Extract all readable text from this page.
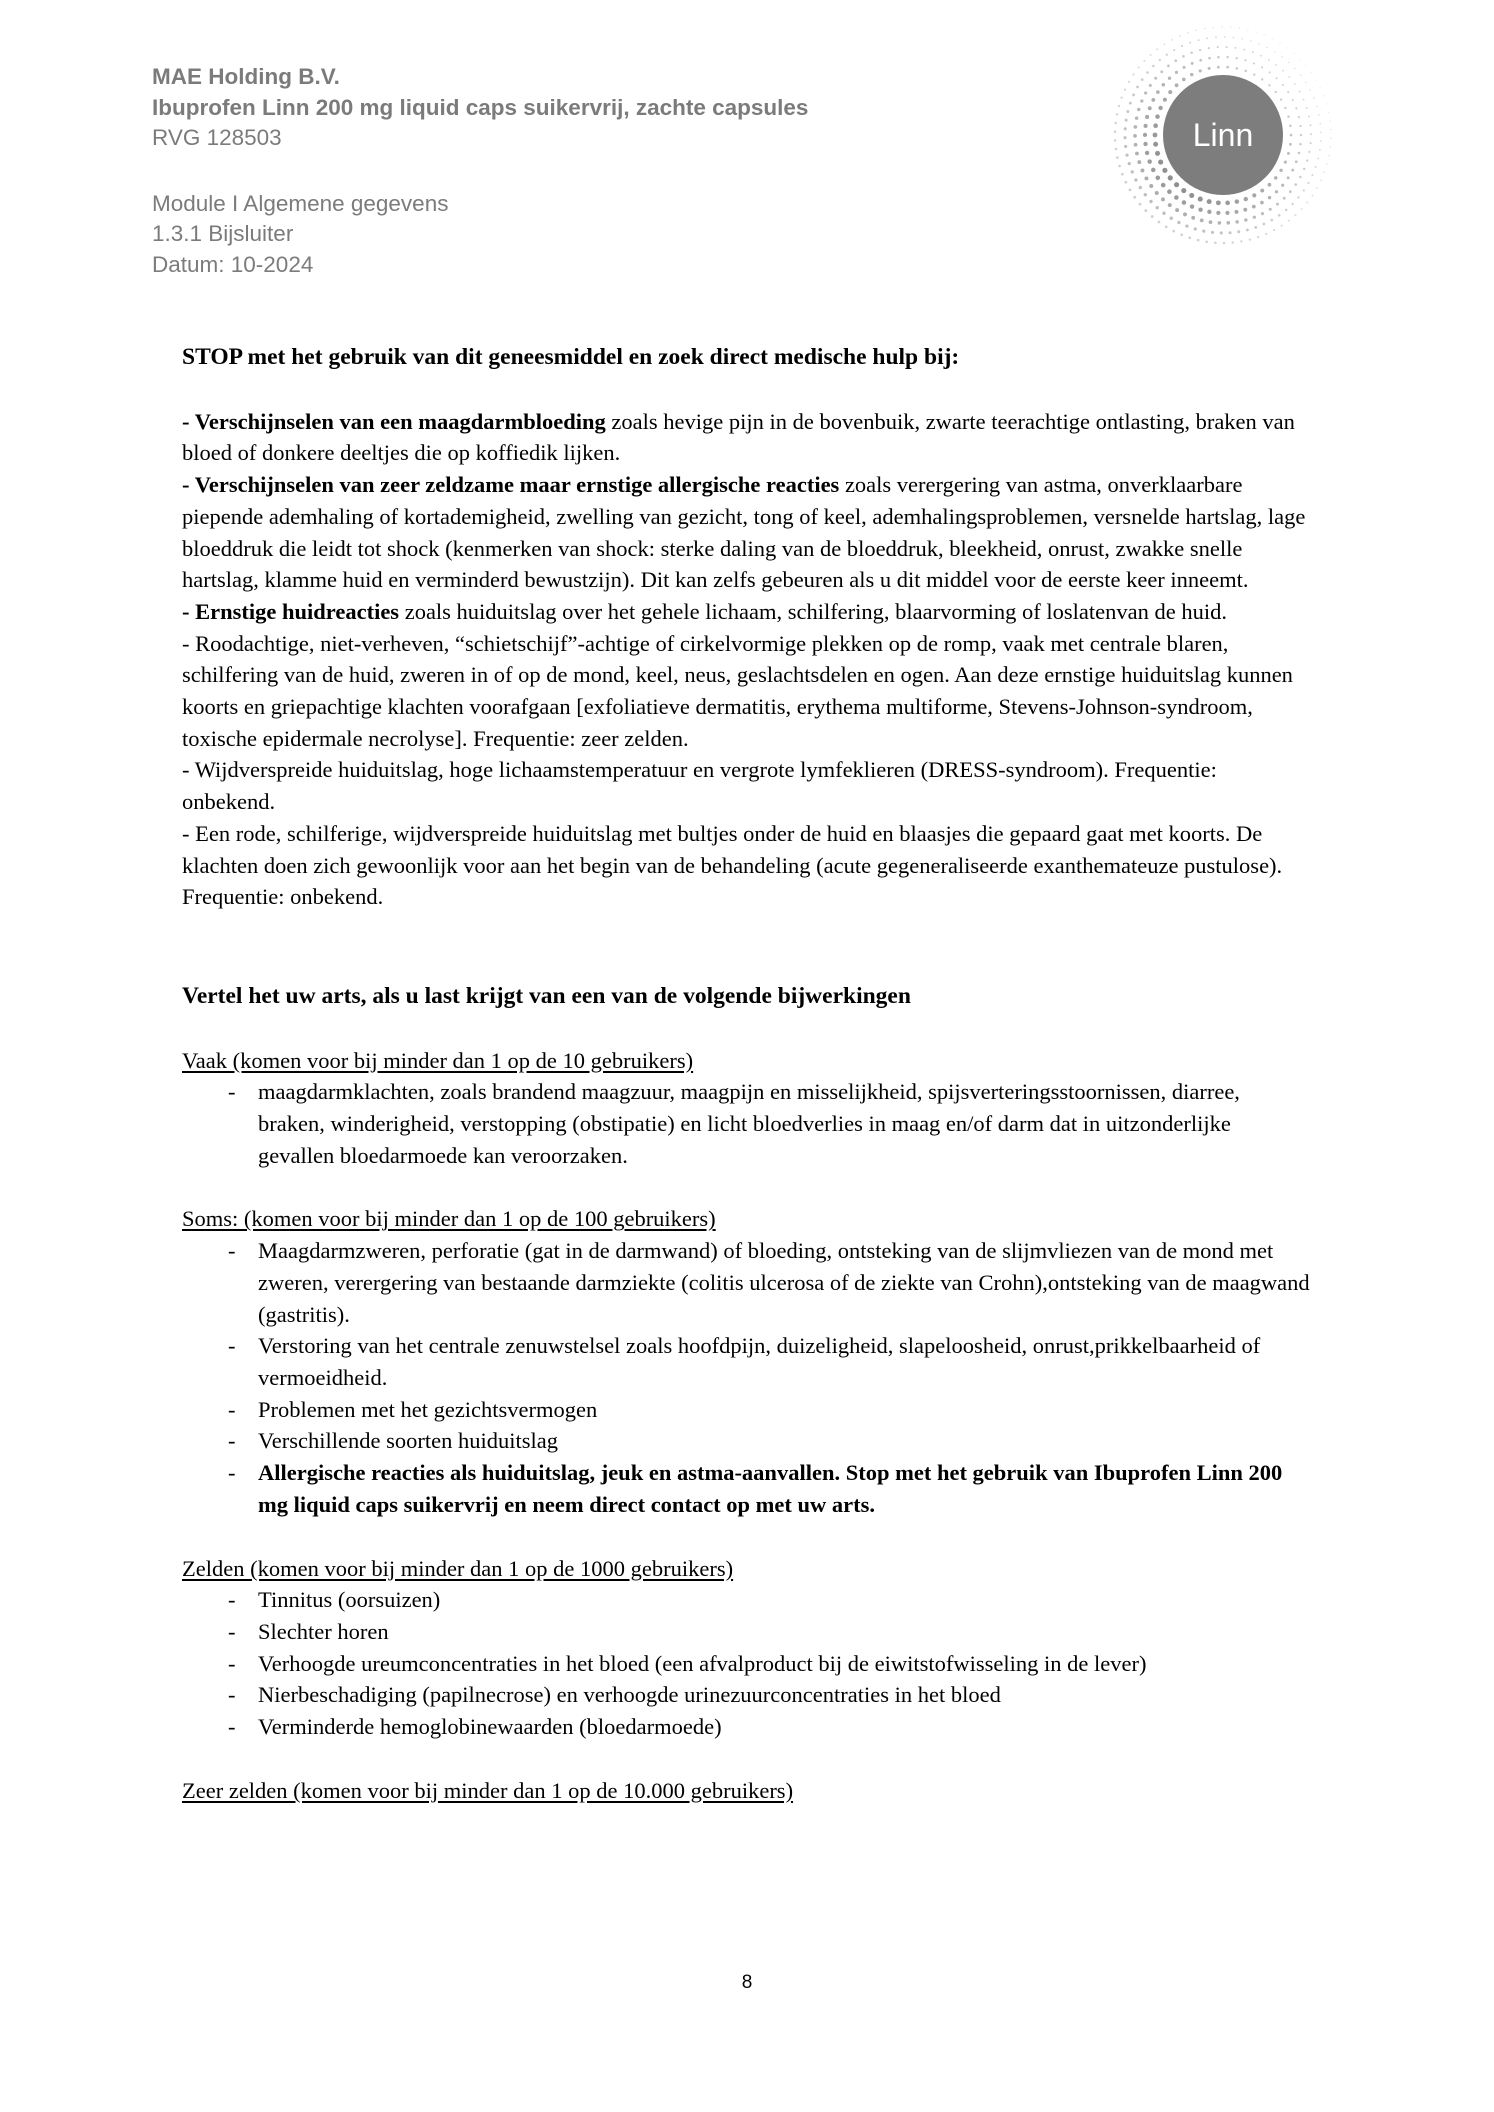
MAE Holding B.V.
Ibuprofen Linn 200 mg liquid caps suikervrij, zachte capsules
RVG 128503
Module I Algemene gegevens
1.3.1 Bijsluiter
Datum: 10-2024
Linn

STOP met het gebruik van dit geneesmiddel en zoek direct medische hulp bij:

- Verschijnselen van een maagdarmbloeding zoals hevige pijn in de bovenbuik, zwarte teerachtige ontlasting, braken van bloed of donkere deeltjes die op koffiedik lijken.

- Verschijnselen van zeer zeldzame maar ernstige allergische reacties zoals verergering van astma, onverklaarbare piepende ademhaling of kortademigheid, zwelling van gezicht, tong of keel, ademhalingsproblemen, versnelde hartslag, lage bloeddruk die leidt tot shock (kenmerken van shock: sterke daling van de bloeddruk, bleekheid, onrust, zwakke snelle hartslag, klamme huid en verminderd bewustzijn). Dit kan zelfs gebeuren als u dit middel voor de eerste keer inneemt.

- Ernstige huidreacties zoals huiduitslag over het gehele lichaam, schilfering, blaarvorming of loslatenvan de huid.

- Roodachtige, niet-verheven, “schietschijf”-achtige of cirkelvormige plekken op de romp, vaak met centrale blaren, schilfering van de huid, zweren in of op de mond, keel, neus, geslachtsdelen en ogen. Aan deze ernstige huiduitslag kunnen koorts en griepachtige klachten voorafgaan [exfoliatieve dermatitis, erythema multiforme, Stevens-Johnson-syndroom, toxische epidermale necrolyse]. Frequentie: zeer zelden.

- Wijdverspreide huiduitslag, hoge lichaamstemperatuur en vergrote lymfeklieren (DRESS-syndroom). Frequentie: onbekend.

- Een rode, schilferige, wijdverspreide huiduitslag met bultjes onder de huid en blaasjes die gepaard gaat met koorts. De klachten doen zich gewoonlijk voor aan het begin van de behandeling (acute gegeneraliseerde exanthemateuze pustulose). Frequentie: onbekend.

Vertel het uw arts, als u last krijgt van een van de volgende bijwerkingen

Vaak (komen voor bij minder dan 1 op de 10 gebruikers)

-	maagdarmklachten, zoals brandend maagzuur, maagpijn en misselijkheid, spijsverteringsstoornissen, diarree, braken, winderigheid, verstopping (obstipatie) en licht bloedverlies in maag en/of darm dat in uitzonderlijke gevallen bloedarmoede kan veroorzaken.

Soms: (komen voor bij minder dan 1 op de 100 gebruikers)

-	Maagdarmzweren, perforatie (gat in de darmwand) of bloeding, ontsteking van de slijmvliezen van de mond met zweren, verergering van bestaande darmziekte (colitis ulcerosa of de ziekte van Crohn),ontsteking van de maagwand (gastritis).
-	Verstoring van het centrale zenuwstelsel zoals hoofdpijn, duizeligheid, slapeloosheid, onrust,prikkelbaarheid of vermoeidheid.
-	Problemen met het gezichtsvermogen
-	Verschillende soorten huiduitslag
-	Allergische reacties als huiduitslag, jeuk en astma-aanvallen. Stop met het gebruik van Ibuprofen Linn 200 mg liquid caps suikervrij en neem direct contact op met uw arts.

Zelden (komen voor bij minder dan 1 op de 1000 gebruikers)

-	Tinnitus (oorsuizen)
-	Slechter horen
-	Verhoogde ureumconcentraties in het bloed (een afvalproduct bij de eiwitstofwisseling in de lever)
-	Nierbeschadiging (papilnecrose) en verhoogde urinezuurconcentraties in het bloed
-	Verminderde hemoglobinewaarden (bloedarmoede)

Zeer zelden (komen voor bij minder dan 1 op de 10.000 gebruikers)

8
